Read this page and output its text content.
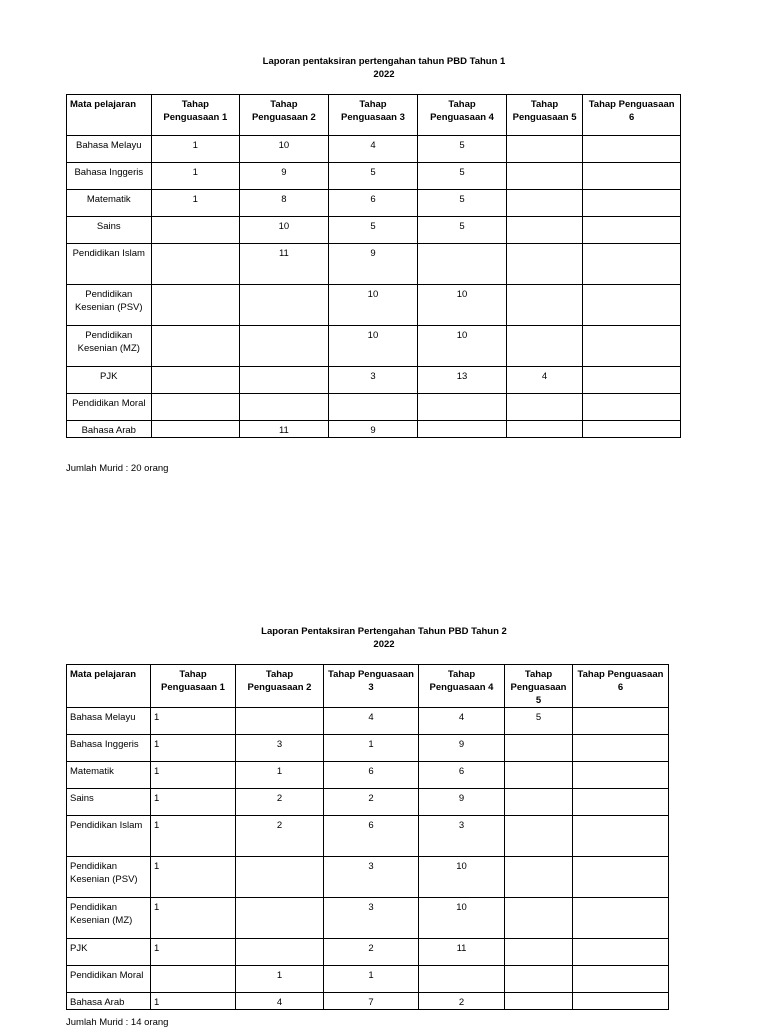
Laporan pentaksiran pertengahan tahun PBD Tahun 1
2022
Mata pelajaran	Tahap Penguasaan 1	Tahap Penguasaan 2	Tahap Penguasaan 3	Tahap Penguasaan 4	Tahap Penguasaan 5	Tahap Penguasaan 6
Bahasa Melayu	1	10	4	5		
Bahasa Inggeris	1	9	5	5		
Matematik	1	8	6	5		
Sains		10	5	5		
Pendidikan Islam		11	9			
Pendidikan Kesenian (PSV)			10	10		
Pendidikan Kesenian (MZ)			10	10		
PJK			3	13	4	
Pendidikan Moral						
Bahasa Arab		11	9			
Jumlah Murid : 20 orang
Laporan Pentaksiran Pertengahan Tahun PBD Tahun 2
2022
Mata pelajaran	Tahap Penguasaan 1	Tahap Penguasaan 2	Tahap Penguasaan 3	Tahap Penguasaan 4	Tahap Penguasaan 5	Tahap Penguasaan 6
Bahasa Melayu	1		4	4	5	
Bahasa Inggeris	1	3	1	9		
Matematik	1	1	6	6		
Sains	1	2	2	9		
Pendidikan Islam	1	2	6	3		
Pendidikan Kesenian (PSV)	1		3	10		
Pendidikan Kesenian (MZ)	1		3	10		
PJK	1		2	11		
Pendidikan Moral		1	1			
Bahasa Arab	1	4	7	2		
Jumlah Murid : 14 orang
